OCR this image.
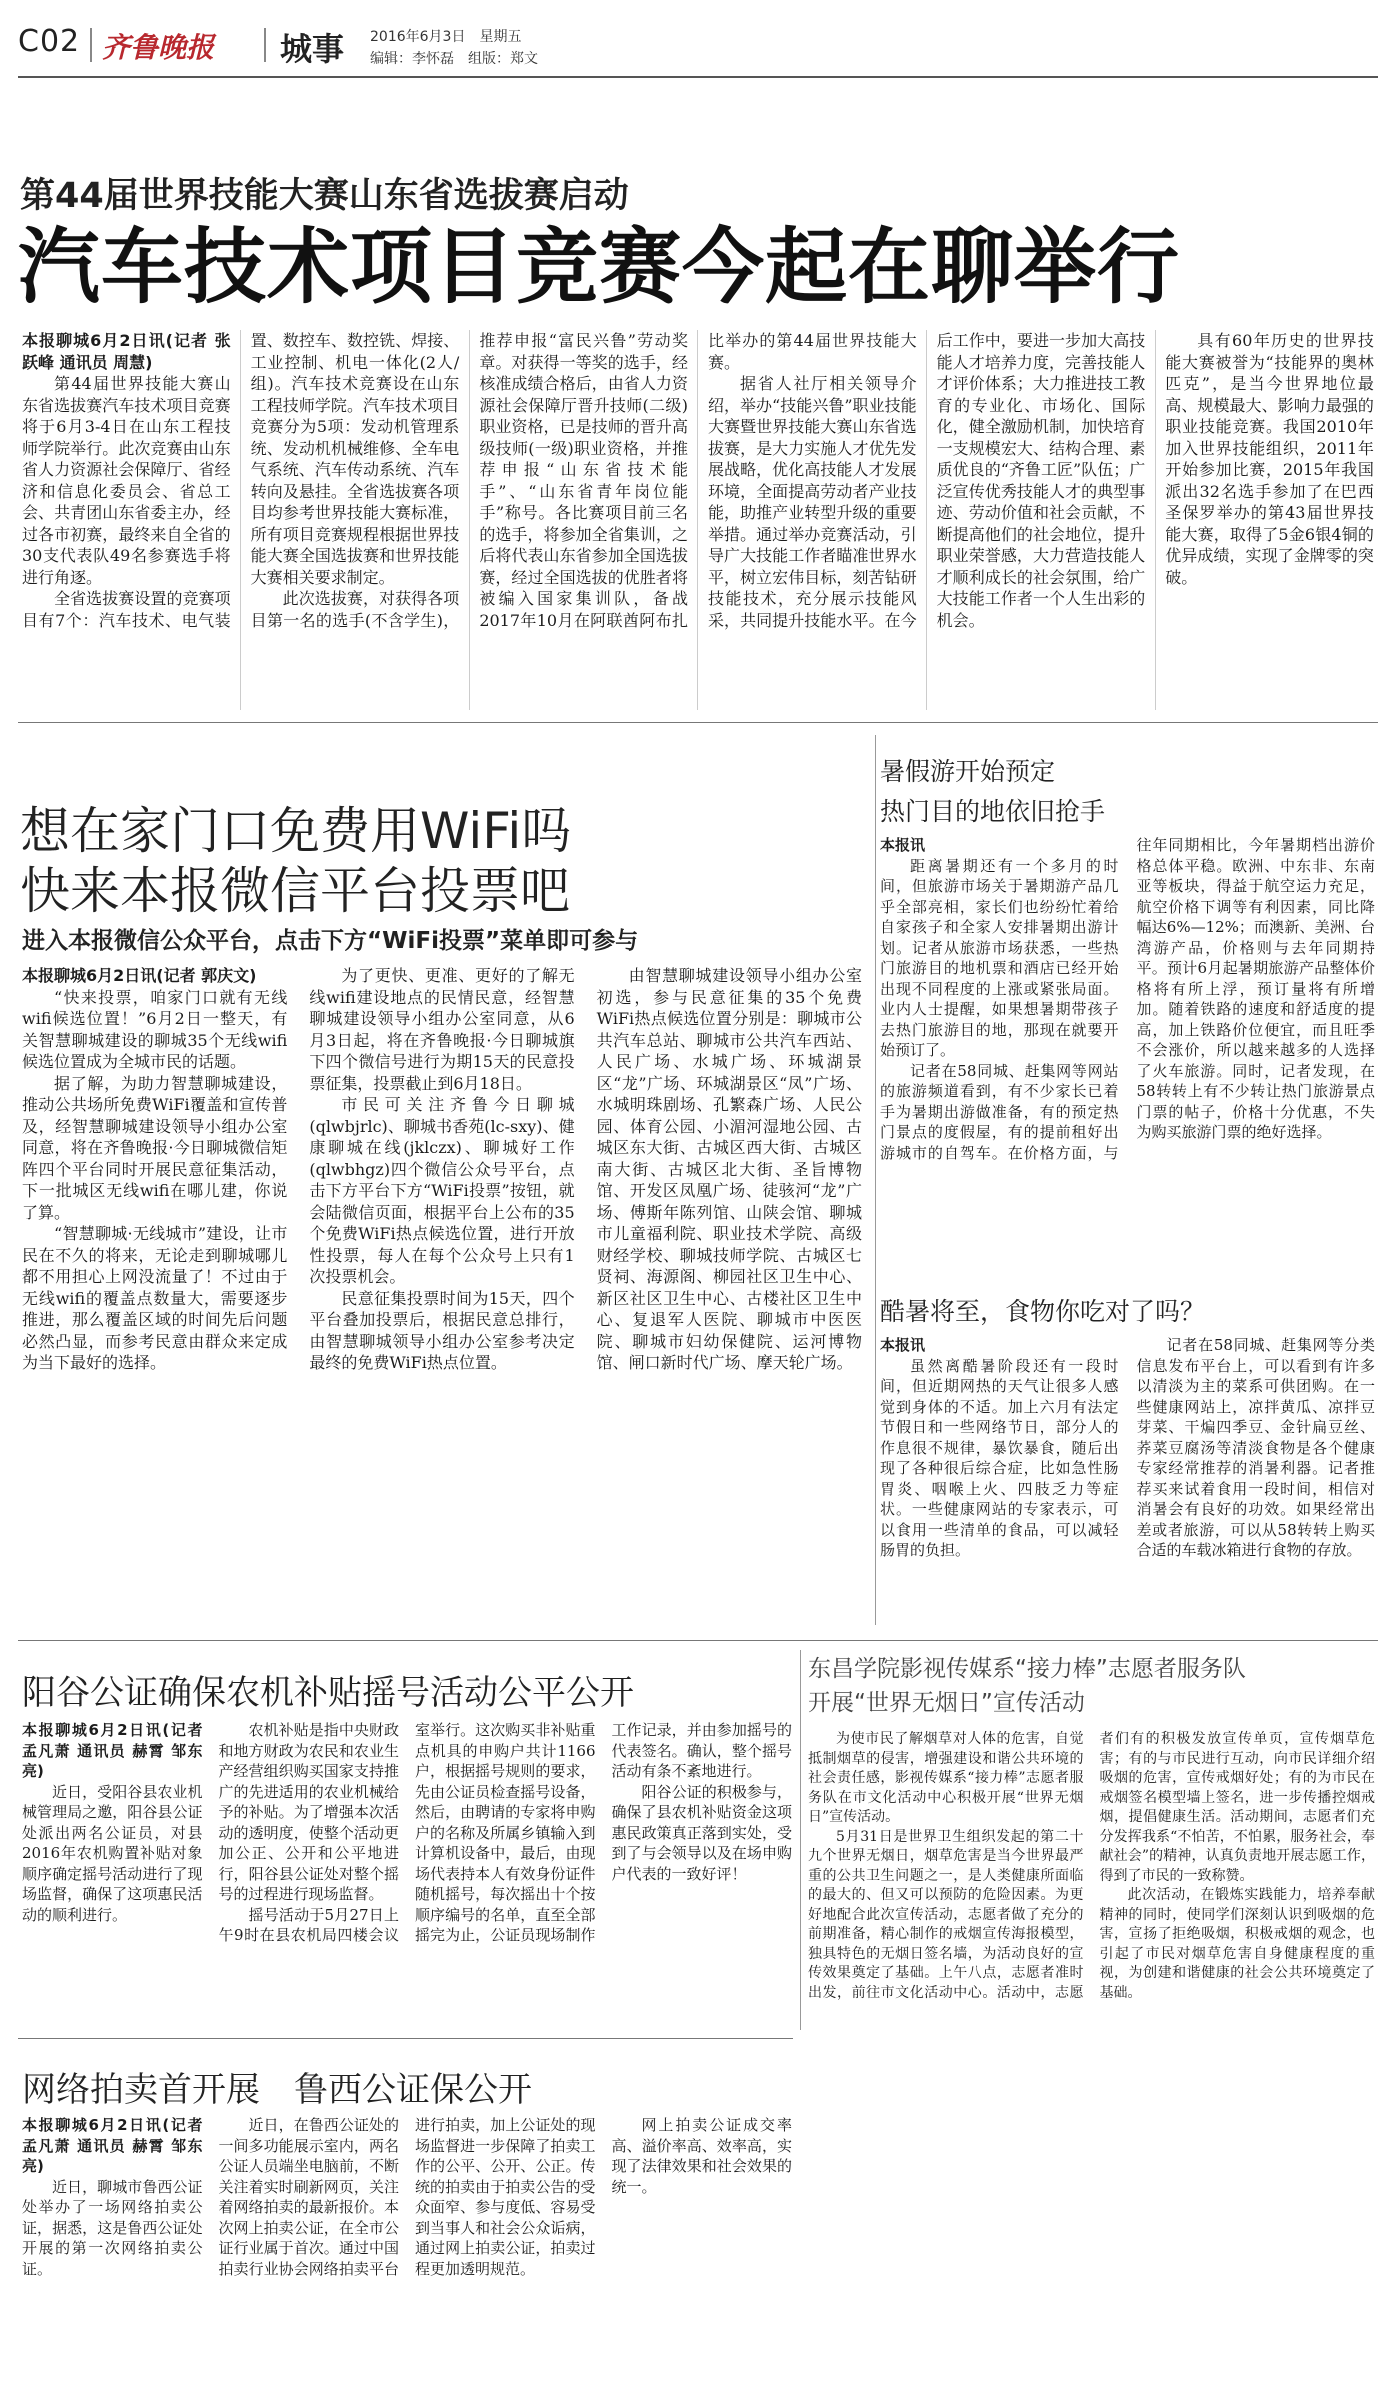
C02 齐鲁晚报 城事 2016年6月3日　星期五
编辑：李怀磊　组版：郑文
第44届世界技能大赛山东省选拔赛启动
汽车技术项目竞赛今起在聊举行

本报聊城6月2日讯(记者 张跃峰 通讯员 周慧)

第44届世界技能大赛山东省选拔赛汽车技术项目竞赛将于6月3-4日在山东工程技师学院举行。此次竞赛由山东省人力资源社会保障厅、省经济和信息化委员会、省总工会、共青团山东省委主办，经过各市初赛，最终来自全省的30支代表队49名参赛选手将进行角逐。

全省选拔赛设置的竞赛项目有7个：汽车技术、电气装置、数控车、数控铣、焊接、工业控制、机电一体化(2人/组)。汽车技术竞赛设在山东工程技师学院。汽车技术项目竞赛分为5项：发动机管理系统、发动机机械维修、全车电气系统、汽车传动系统、汽车转向及悬挂。全省选拔赛各项目均参考世界技能大赛标准，所有项目竞赛规程根据世界技能大赛全国选拔赛和世界技能大赛相关要求制定。

此次选拔赛，对获得各项目第一名的选手(不含学生)，推荐申报“富民兴鲁”劳动奖章。对获得一等奖的选手，经核准成绩合格后，由省人力资源社会保障厅晋升技师(二级)职业资格，已是技师的晋升高级技师(一级)职业资格，并推荐申报“山东省技术能手”、“山东省青年岗位能手”称号。各比赛项目前三名的选手，将参加全省集训，之后将代表山东省参加全国选拔赛，经过全国选拔的优胜者将被编入国家集训队，备战2017年10月在阿联酋阿布扎比举办的第44届世界技能大赛。

据省人社厅相关领导介绍，举办“技能兴鲁”职业技能大赛暨世界技能大赛山东省选拔赛，是大力实施人才优先发展战略，优化高技能人才发展环境，全面提高劳动者产业技能，助推产业转型升级的重要举措。通过举办竞赛活动，引导广大技能工作者瞄准世界水平，树立宏伟目标，刻苦钻研技能技术，充分展示技能风采，共同提升技能水平。在今后工作中，要进一步加大高技能人才培养力度，完善技能人才评价体系；大力推进技工教育的专业化、市场化、国际化，健全激励机制，加快培育一支规模宏大、结构合理、素质优良的“齐鲁工匠”队伍；广泛宣传优秀技能人才的典型事迹、劳动价值和社会贡献，不断提高他们的社会地位，提升职业荣誉感，大力营造技能人才顺利成长的社会氛围，给广大技能工作者一个人生出彩的机会。

具有60年历史的世界技能大赛被誉为“技能界的奥林匹克”，是当今世界地位最高、规模最大、影响力最强的职业技能竞赛。我国2010年加入世界技能组织，2011年开始参加比赛，2015年我国派出32名选手参加了在巴西圣保罗举办的第43届世界技能大赛，取得了5金6银4铜的优异成绩，实现了金牌零的突破。

想在家门口免费用WiFi吗
快来本报微信平台投票吧
进入本报微信公众平台，点击下方“WiFi投票”菜单即可参与

本报聊城6月2日讯(记者 郭庆文)

“快来投票，咱家门口就有无线wifi候选位置！”6月2日一整天，有关智慧聊城建设的聊城35个无线wifi候选位置成为全城市民的话题。

据了解，为助力智慧聊城建设，推动公共场所免费WiFi覆盖和宣传普及，经智慧聊城建设领导小组办公室同意，将在齐鲁晚报·今日聊城微信矩阵四个平台同时开展民意征集活动，下一批城区无线wifi在哪儿建，你说了算。

“智慧聊城·无线城市”建设，让市民在不久的将来，无论走到聊城哪儿都不用担心上网没流量了！不过由于无线wifi的覆盖点数量大，需要逐步推进，那么覆盖区域的时间先后问题必然凸显，而参考民意由群众来定成为当下最好的选择。

为了更快、更准、更好的了解无线wifi建设地点的民情民意，经智慧聊城建设领导小组办公室同意，从6月3日起，将在齐鲁晚报·今日聊城旗下四个微信号进行为期15天的民意投票征集，投票截止到6月18日。

市民可关注齐鲁今日聊城(qlwbjrlc)、聊城书香苑(lc-sxy)、健康聊城在线(jklczx)、聊城好工作(qlwbhgz)四个微信公众号平台，点击下方平台下方“WiFi投票”按钮，就会陆微信页面，根据平台上公布的35个免费WiFi热点候选位置，进行开放性投票，每人在每个公众号上只有1次投票机会。

民意征集投票时间为15天，四个平台叠加投票后，根据民意总排行，由智慧聊城领导小组办公室参考决定最终的免费WiFi热点位置。

由智慧聊城建设领导小组办公室初选，参与民意征集的35个免费WiFi热点候选位置分别是：聊城市公共汽车总站、聊城市公共汽车西站、人民广场、水城广场、环城湖景区“龙”广场、环城湖景区“凤”广场、水城明珠剧场、孔繁森广场、人民公园、体育公园、小湄河湿地公园、古城区东大街、古城区西大街、古城区南大街、古城区北大街、圣旨博物馆、开发区凤凰广场、徒骇河“龙”广场、傅斯年陈列馆、山陕会馆、聊城市儿童福利院、职业技术学院、高级财经学校、聊城技师学院、古城区七贤祠、海源阁、柳园社区卫生中心、新区社区卫生中心、古楼社区卫生中心、复退军人医院、聊城市中医医院、聊城市妇幼保健院、运河博物馆、闸口新时代广场、摩天轮广场。

暑假游开始预定
热门目的地依旧抢手

本报讯

距离暑期还有一个多月的时间，但旅游市场关于暑期游产品几乎全部亮相，家长们也纷纷忙着给自家孩子和全家人安排暑期出游计划。记者从旅游市场获悉，一些热门旅游目的地机票和酒店已经开始出现不同程度的上涨或紧张局面。业内人士提醒，如果想暑期带孩子去热门旅游目的地，那现在就要开始预订了。

记者在58同城、赶集网等网站的旅游频道看到，有不少家长已着手为暑期出游做准备，有的预定热门景点的度假屋，有的提前租好出游城市的自驾车。在价格方面，与往年同期相比，今年暑期档出游价格总体平稳。欧洲、中东非、东南亚等板块，得益于航空运力充足，航空价格下调等有利因素，同比降幅达6%—12%；而澳新、美洲、台湾游产品，价格则与去年同期持平。预计6月起暑期旅游产品整体价格将有所上浮，预订量将有所增加。随着铁路的速度和舒适度的提高，加上铁路价位便宜，而且旺季不会涨价，所以越来越多的人选择了火车旅游。同时，记者发现，在58转转上有不少转让热门旅游景点门票的帖子，价格十分优惠，不失为购买旅游门票的绝好选择。

酷暑将至，食物你吃对了吗？

本报讯

虽然离酷暑阶段还有一段时间，但近期网热的天气让很多人感觉到身体的不适。加上六月有法定节假日和一些网络节日，部分人的作息很不规律，暴饮暴食，随后出现了各种很后综合症，比如急性肠胃炎、咽喉上火、四肢乏力等症状。一些健康网站的专家表示，可以食用一些清单的食品，可以减轻肠胃的负担。

记者在58同城、赶集网等分类信息发布平台上，可以看到有许多以清淡为主的菜系可供团购。在一些健康网站上，凉拌黄瓜、凉拌豆芽菜、干煸四季豆、金针扁豆丝、荞菜豆腐汤等清淡食物是各个健康专家经常推荐的消暑利器。记者推荐买来试着食用一段时间，相信对消暑会有良好的功效。如果经常出差或者旅游，可以从58转转上购买合适的车载冰箱进行食物的存放。

阳谷公证确保农机补贴摇号活动公平公开

本报聊城6月2日讯(记者 孟凡萧 通讯员 赫霄 邹东亮)

近日，受阳谷县农业机械管理局之邀，阳谷县公证处派出两名公证员，对县2016年农机购置补贴对象顺序确定摇号活动进行了现场监督，确保了这项惠民活动的顺利进行。

农机补贴是指中央财政和地方财政为农民和农业生产经营组织购买国家支持推广的先进适用的农业机械给予的补贴。为了增强本次活动的透明度，使整个活动更加公正、公开和公平地进行，阳谷县公证处对整个摇号的过程进行现场监督。

摇号活动于5月27日上午9时在县农机局四楼会议室举行。这次购买非补贴重点机具的申购户共计1166户，根据摇号规则的要求，先由公证员检查摇号设备，然后，由聘请的专家将申购户的名称及所属乡镇输入到计算机设备中，最后，由现场代表持本人有效身份证件随机摇号，每次摇出十个按顺序编号的名单，直至全部摇完为止，公证员现场制作工作记录，并由参加摇号的代表签名。确认，整个摇号活动有条不紊地进行。

阳谷公证的积极参与，确保了县农机补贴资金这项惠民政策真正落到实处，受到了与会领导以及在场申购户代表的一致好评！

东昌学院影视传媒系“接力棒”志愿者服务队
开展“世界无烟日”宣传活动

为使市民了解烟草对人体的危害，自觉抵制烟草的侵害，增强建设和谐公共环境的社会责任感，影视传媒系“接力棒”志愿者服务队在市文化活动中心积极开展“世界无烟日”宣传活动。

5月31日是世界卫生组织发起的第二十九个世界无烟日，烟草危害是当今世界最严重的公共卫生问题之一，是人类健康所面临的最大的、但又可以预防的危险因素。为更好地配合此次宣传活动，志愿者做了充分的前期准备，精心制作的戒烟宣传海报模型，独具特色的无烟日签名墙，为活动良好的宣传效果奠定了基础。上午八点，志愿者准时出发，前往市文化活动中心。活动中，志愿者们有的积极发放宣传单页，宣传烟草危害；有的与市民进行互动，向市民详细介绍吸烟的危害，宣传戒烟好处；有的为市民在戒烟签名模型墙上签名，进一步传播控烟戒烟，提倡健康生活。活动期间，志愿者们充分发挥我系“不怕苦，不怕累，服务社会，奉献社会”的精神，认真负责地开展志愿工作，得到了市民的一致称赞。

此次活动，在锻炼实践能力，培养奉献精神的同时，使同学们深刻认识到吸烟的危害，宣扬了拒绝吸烟，积极戒烟的观念，也引起了市民对烟草危害自身健康程度的重视，为创建和谐健康的社会公共环境奠定了基础。

网络拍卖首开展　鲁西公证保公开

本报聊城6月2日讯(记者 孟凡萧 通讯员 赫霄 邹东亮)

近日，聊城市鲁西公证处举办了一场网络拍卖公证，据悉，这是鲁西公证处开展的第一次网络拍卖公证。

近日，在鲁西公证处的一间多功能展示室内，两名公证人员端坐电脑前，不断关注着实时刷新网页，关注着网络拍卖的最新报价。本次网上拍卖公证，在全市公证行业属于首次。通过中国拍卖行业协会网络拍卖平台进行拍卖，加上公证处的现场监督进一步保障了拍卖工作的公平、公开、公正。传统的拍卖由于拍卖公告的受众面窄、参与度低、容易受到当事人和社会公众诟病，通过网上拍卖公证，拍卖过程更加透明规范。

网上拍卖公证成交率高、溢价率高、效率高，实现了法律效果和社会效果的统一。
